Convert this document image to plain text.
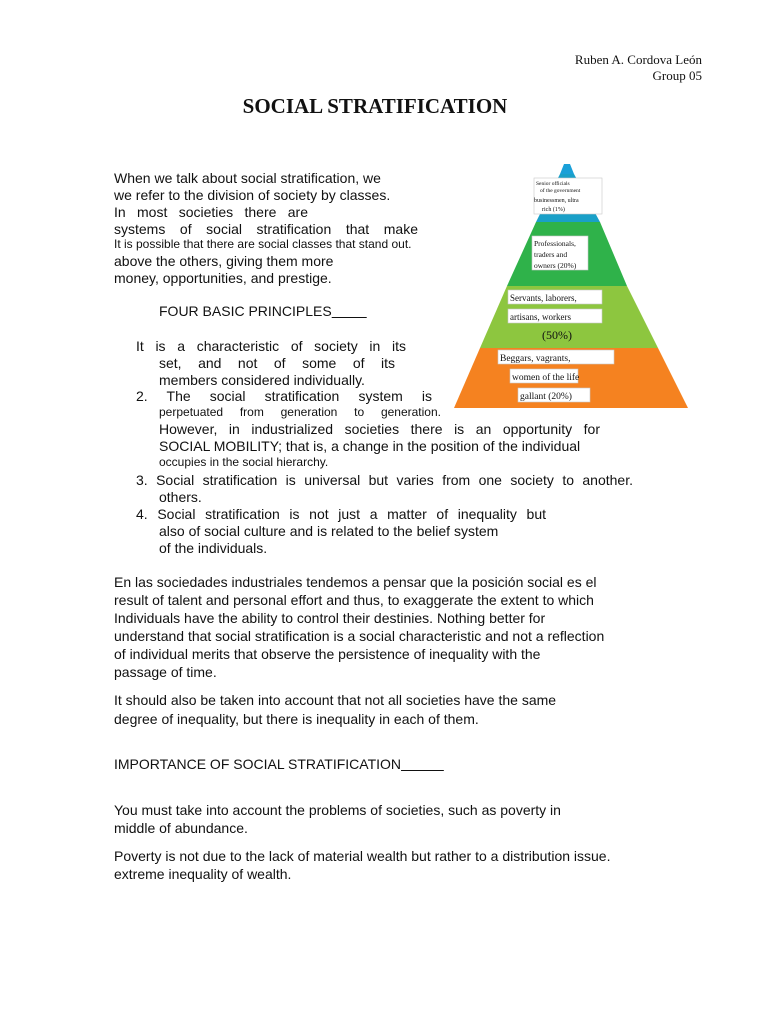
Ruben A. Cordova León
Group 05
SOCIAL STRATIFICATION
When we talk about social stratification, we
we refer to the division of society by classes.
In most societies there are
systems of social stratification that make
It is possible that there are social classes that stand out.
above the others, giving them more
money, opportunities, and prestige.
FOUR BASIC PRINCIPLES
It is a characteristic of society in its
set, and not of some of its
members considered individually.
2. The social stratification system is
perpetuated from generation to generation.
However, in industrialized societies there is an opportunity for
SOCIAL MOBILITY; that is, a change in the position of the individual
occupies in the social hierarchy.
3. Social stratification is universal but varies from one society to another.
others.
4. Social stratification is not just a matter of inequality but
also of social culture and is related to the belief system
of the individuals.
Senior officials
of the government
businessmen, ultra
rich (1%)
Professionals,
traders and
owners (20%)
Servants, laborers,
artisans, workers
(50%)
Beggars, vagrants,
women of the life
gallant (20%)
En las sociedades industriales tendemos a pensar que la posición social es el
result of talent and personal effort and thus, to exaggerate the extent to which
Individuals have the ability to control their destinies. Nothing better for
understand that social stratification is a social characteristic and not a reflection
of individual merits that observe the persistence of inequality with the
passage of time.
It should also be taken into account that not all societies have the same
degree of inequality, but there is inequality in each of them.
IMPORTANCE OF SOCIAL STRATIFICATION
You must take into account the problems of societies, such as poverty in
middle of abundance.
Poverty is not due to the lack of material wealth but rather to a distribution issue.
extreme inequality of wealth.
